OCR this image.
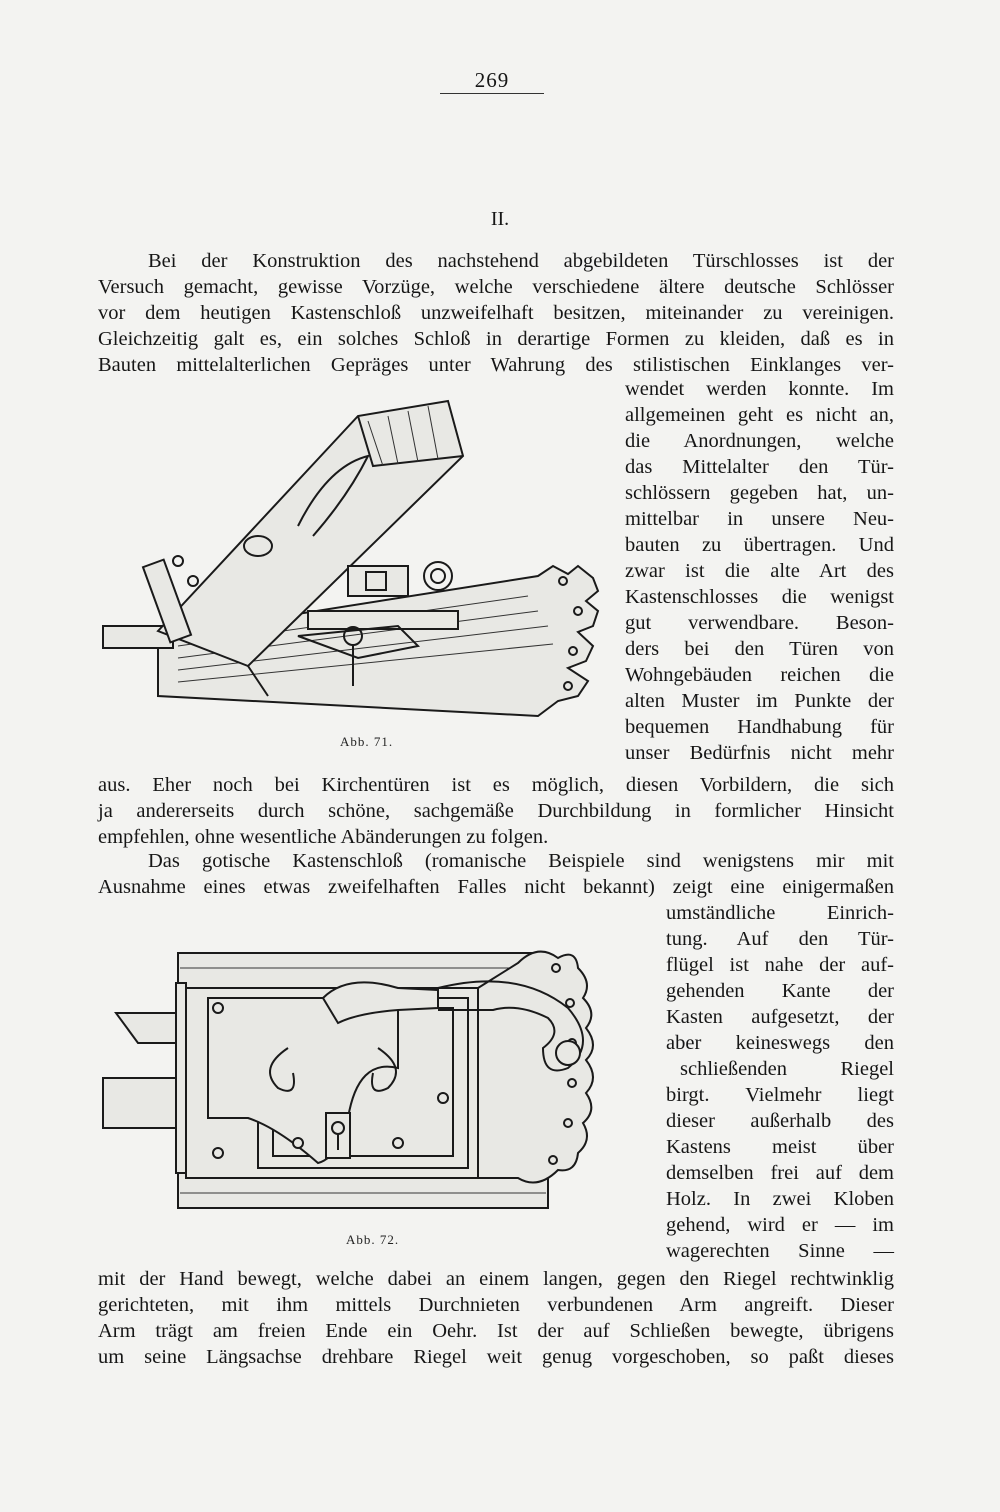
269
II.
Bei der Konstruktion des nachstehend abgebildeten Türschlosses ist der
Versuch gemacht, gewisse Vorzüge, welche verschiedene ältere deutsche Schlösser
vor dem heutigen Kastenschloß unzweifelhaft besitzen, miteinander zu vereinigen.
Gleichzeitig galt es, ein solches Schloß in derartige Formen zu kleiden, daß es in
Bauten mittelalterlichen Gepräges unter Wahrung des stilistischen Einklanges ver-
wendet werden konnte. Im
allgemeinen geht es nicht an,
die Anordnungen, welche
das Mittelalter den Tür-
schlössern gegeben hat, un-
mittelbar in unsere Neu-
bauten zu übertragen. Und
zwar ist die alte Art des
Kastenschlosses die wenigst
gut verwendbare. Beson-
ders bei den Türen von
Wohngebäuden reichen die
alten Muster im Punkte der
bequemen Handhabung für
unser Bedürfnis nicht mehr
aus. Eher noch bei Kirchentüren ist es möglich, diesen Vorbildern, die sich
ja andererseits durch schöne, sachgemäße Durchbildung in formlicher Hinsicht
empfehlen, ohne wesentliche Abänderungen zu folgen.
Das gotische Kastenschloß (romanische Beispiele sind wenigstens mir mit
Ausnahme eines etwas zweifelhaften Falles nicht bekannt) zeigt eine einigermaßen
umständliche Einrich-
tung. Auf den Tür-
flügel ist nahe der auf-
gehenden Kante der
Kasten aufgesetzt, der
aber keineswegs den
schließenden Riegel
birgt. Vielmehr liegt
dieser außerhalb des
Kastens meist über
demselben frei auf dem
Holz. In zwei Kloben
gehend, wird er — im
wagerechten Sinne —
mit der Hand bewegt, welche dabei an einem langen, gegen den Riegel rechtwinklig
gerichteten, mit ihm mittels Durchnieten verbundenen Arm angreift. Dieser
Arm trägt am freien Ende ein Oehr. Ist der auf Schließen bewegte, übrigens
um seine Längsachse drehbare Riegel weit genug vorgeschoben, so paßt dieses
Abb. 71.
Abb. 72.
